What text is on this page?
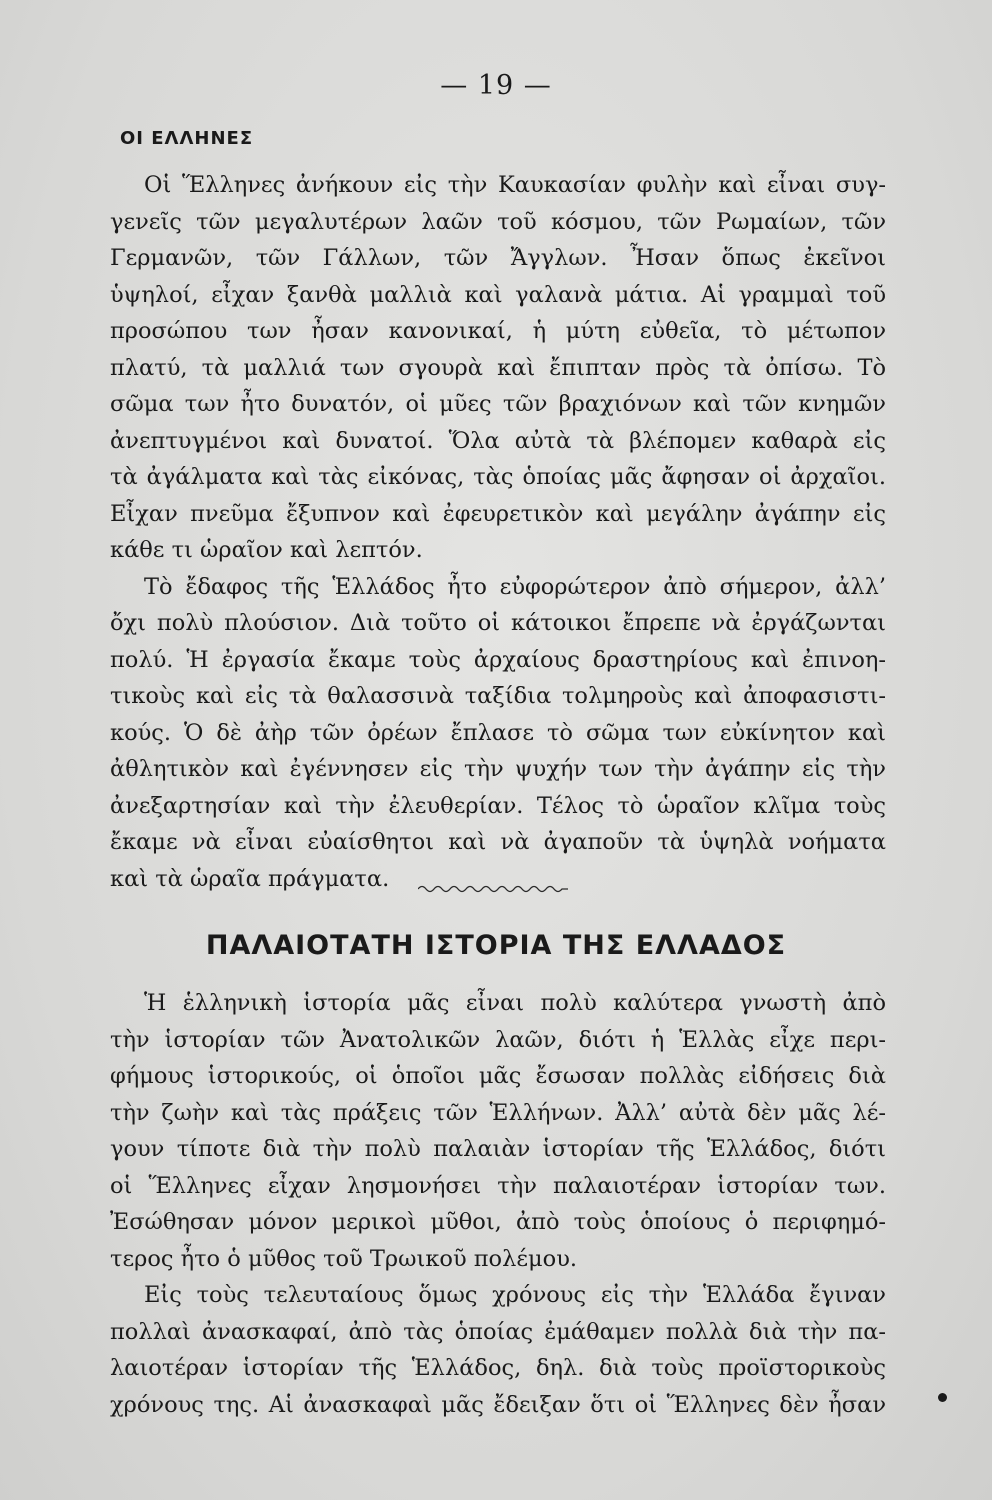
— 19 —
ΟΙ ΕΛΛΗΝΕΣ
Οἱ Ἕλληνες ἀνήκουν εἰς τὴν Καυκασίαν φυλὴν καὶ εἶναι συγ-
γενεῖς τῶν μεγαλυτέρων λαῶν τοῦ κόσμου, τῶν Ρωμαίων, τῶν
Γερμανῶν, τῶν Γάλλων, τῶν Ἄγγλων. Ἦσαν ὅπως ἐκεῖνοι
ὑψηλοί, εἶχαν ξανθὰ μαλλιὰ καὶ γαλανὰ μάτια. Αἱ γραμμαὶ τοῦ
προσώπου των ἦσαν κανονικαί, ἡ μύτη εὐθεῖα, τὸ μέτωπον
πλατύ, τὰ μαλλιά των σγουρὰ καὶ ἔπιπταν πρὸς τὰ ὀπίσω. Τὸ
σῶμα των ἦτο δυνατόν, οἱ μῦες τῶν βραχιόνων καὶ τῶν κνημῶν
ἀνεπτυγμένοι καὶ δυνατοί. Ὅλα αὐτὰ τὰ βλέπομεν καθαρὰ εἰς
τὰ ἀγάλματα καὶ τὰς εἰκόνας, τὰς ὁποίας μᾶς ἄφησαν οἱ ἀρχαῖοι.
Εἶχαν πνεῦμα ἔξυπνον καὶ ἐφευρετικὸν καὶ μεγάλην ἀγάπην εἰς
κάθε τι ὡραῖον καὶ λεπτόν.
Τὸ ἔδαφος τῆς Ἑλλάδος ἦτο εὐφορώτερον ἀπὸ σήμερον, ἀλλ’
ὄχι πολὺ πλούσιον. Διὰ τοῦτο οἱ κάτοικοι ἔπρεπε νὰ ἐργάζωνται
πολύ. Ἡ ἐργασία ἔκαμε τοὺς ἀρχαίους δραστηρίους καὶ ἐπινοη-
τικοὺς καὶ εἰς τὰ θαλασσινὰ ταξίδια τολμηροὺς καὶ ἀποφασιστι-
κούς. Ὁ δὲ ἀὴρ τῶν ὀρέων ἔπλασε τὸ σῶμα των εὐκίνητον καὶ
ἀθλητικὸν καὶ ἐγέννησεν εἰς τὴν ψυχήν των τὴν ἀγάπην εἰς τὴν
ἀνεξαρτησίαν καὶ τὴν ἐλευθερίαν. Τέλος τὸ ὡραῖον κλῖμα τοὺς
ἔκαμε νὰ εἶναι εὐαίσθητοι καὶ νὰ ἀγαποῦν τὰ ὑψηλὰ νοήματα
καὶ τὰ ὡραῖα πράγματα.
ΠΑΛΑΙΟΤΑΤΗ ΙΣΤΟΡΙΑ ΤΗΣ ΕΛΛΑΔΟΣ
Ἡ ἑλληνικὴ ἱστορία μᾶς εἶναι πολὺ καλύτερα γνωστὴ ἀπὸ
τὴν ἱστορίαν τῶν Ἀνατολικῶν λαῶν, διότι ἡ Ἑλλὰς εἶχε περι-
φήμους ἱστορικούς, οἱ ὁποῖοι μᾶς ἔσωσαν πολλὰς εἰδήσεις διὰ
τὴν ζωὴν καὶ τὰς πράξεις τῶν Ἑλλήνων. Ἀλλ’ αὐτὰ δὲν μᾶς λέ-
γουν τίποτε διὰ τὴν πολὺ παλαιὰν ἱστορίαν τῆς Ἑλλάδος, διότι
οἱ Ἕλληνες εἶχαν λησμονήσει τὴν παλαιοτέραν ἱστορίαν των.
Ἐσώθησαν μόνον μερικοὶ μῦθοι, ἀπὸ τοὺς ὁποίους ὁ περιφημό-
τερος ἦτο ὁ μῦθος τοῦ Τρωικοῦ πολέμου.
Εἰς τοὺς τελευταίους ὅμως χρόνους εἰς τὴν Ἑλλάδα ἔγιναν
πολλαὶ ἀνασκαφαί, ἀπὸ τὰς ὁποίας ἐμάθαμεν πολλὰ διὰ τὴν πα-
λαιοτέραν ἱστορίαν τῆς Ἑλλάδος, δηλ. διὰ τοὺς προϊστορικοὺς
χρόνους της. Αἱ ἀνασκαφαὶ μᾶς ἔδειξαν ὅτι οἱ Ἕλληνες δὲν ἦσαν
